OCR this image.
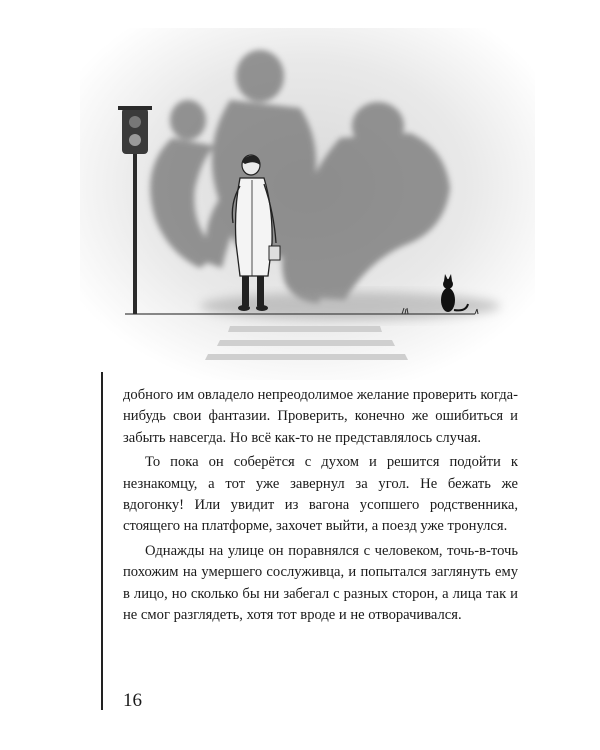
добного им овладело непреодолимое желание проверить когда-нибудь свои фантазии. Проверить, конечно же ошибиться и забыть навсегда. Но всё как-то не представлялось случая.

То пока он соберётся с духом и решится подойти к незнакомцу, а тот уже завернул за угол. Не бежать же вдогонку! Или увидит из вагона усопшего родственника, стоящего на платформе, захочет выйти, а поезд уже тронулся.

Однажды на улице он поравнялся с человеком, точь-в-точь похожим на умершего сослуживца, и попытался заглянуть ему в лицо, но сколько бы ни забегал с разных сторон, а лица так и не смог разглядеть, хотя тот вроде и не отворачивался.

16
